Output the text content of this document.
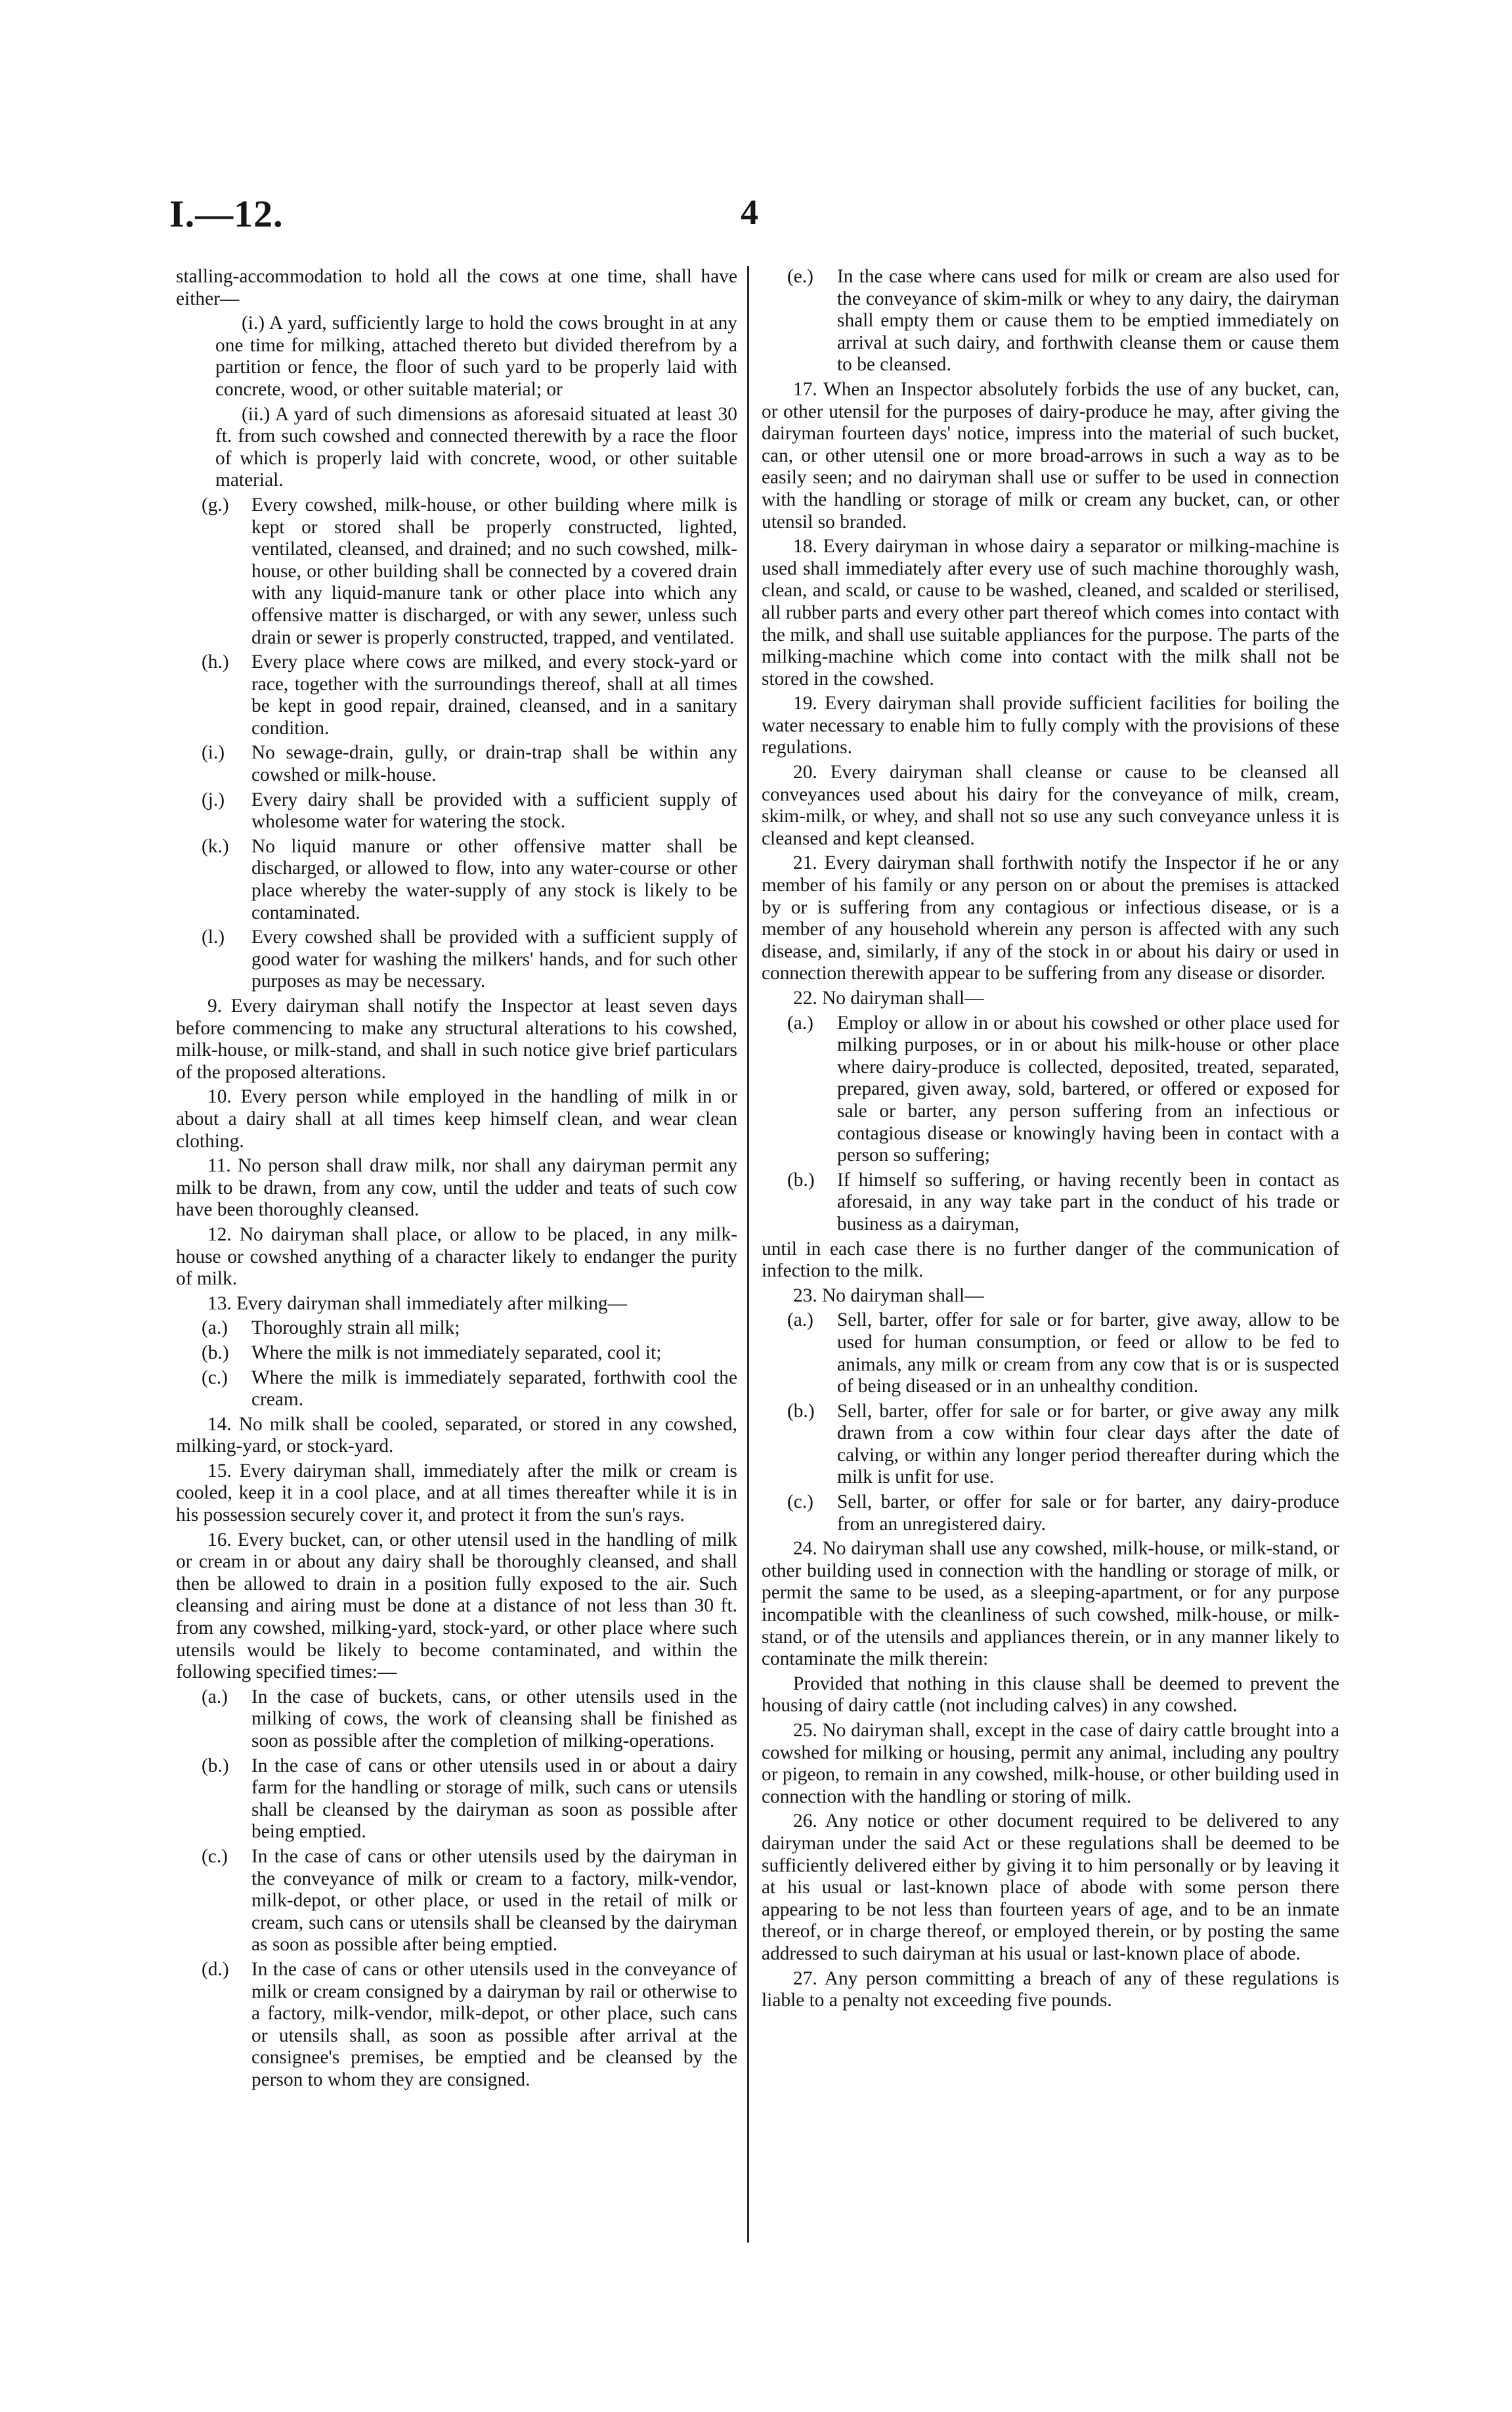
I.—12.	4
stalling-accommodation to hold all the cows at one time, shall have either—
(i.) A yard, sufficiently large to hold the cows brought in at any one time for milking, attached thereto but divided therefrom by a partition or fence, the floor of such yard to be properly laid with concrete, wood, or other suitable material; or
(ii.) A yard of such dimensions as aforesaid situated at least 30 ft. from such cowshed and connected therewith by a race the floor of which is properly laid with concrete, wood, or other suitable material.
(g.) Every cowshed, milk-house, or other building where milk is kept or stored shall be properly constructed, lighted, ventilated, cleansed, and drained; and no such cowshed, milk-house, or other building shall be connected by a covered drain with any liquid-manure tank or other place into which any offensive matter is discharged, or with any sewer, unless such drain or sewer is properly constructed, trapped, and ventilated.
(h.) Every place where cows are milked, and every stock-yard or race, together with the surroundings thereof, shall at all times be kept in good repair, drained, cleansed, and in a sanitary condition.
(i.) No sewage-drain, gully, or drain-trap shall be within any cowshed or milk-house.
(j.) Every dairy shall be provided with a sufficient supply of wholesome water for watering the stock.
(k.) No liquid manure or other offensive matter shall be discharged, or allowed to flow, into any water-course or other place whereby the water-supply of any stock is likely to be contaminated.
(l.) Every cowshed shall be provided with a sufficient supply of good water for washing the milkers' hands, and for such other purposes as may be necessary.
9. Every dairyman shall notify the Inspector at least seven days before commencing to make any structural alterations to his cowshed, milk-house, or milk-stand, and shall in such notice give brief particulars of the proposed alterations.
10. Every person while employed in the handling of milk in or about a dairy shall at all times keep himself clean, and wear clean clothing.
11. No person shall draw milk, nor shall any dairyman permit any milk to be drawn, from any cow, until the udder and teats of such cow have been thoroughly cleansed.
12. No dairyman shall place, or allow to be placed, in any milk-house or cowshed anything of a character likely to endanger the purity of milk.
13. Every dairyman shall immediately after milking—
(a.) Thoroughly strain all milk;
(b.) Where the milk is not immediately separated, cool it;
(c.) Where the milk is immediately separated, forthwith cool the cream.
14. No milk shall be cooled, separated, or stored in any cowshed, milking-yard, or stock-yard.
15. Every dairyman shall, immediately after the milk or cream is cooled, keep it in a cool place, and at all times thereafter while it is in his possession securely cover it, and protect it from the sun's rays.
16. Every bucket, can, or other utensil used in the handling of milk or cream in or about any dairy shall be thoroughly cleansed, and shall then be allowed to drain in a position fully exposed to the air. Such cleansing and airing must be done at a distance of not less than 30 ft. from any cowshed, milking-yard, stock-yard, or other place where such utensils would be likely to become contaminated, and within the following specified times:—
(a.) In the case of buckets, cans, or other utensils used in the milking of cows, the work of cleansing shall be finished as soon as possible after the completion of milking-operations.
(b.) In the case of cans or other utensils used in or about a dairy farm for the handling or storage of milk, such cans or utensils shall be cleansed by the dairyman as soon as possible after being emptied.
(c.) In the case of cans or other utensils used by the dairyman in the conveyance of milk or cream to a factory, milk-vendor, milk-depot, or other place, or used in the retail of milk or cream, such cans or utensils shall be cleansed by the dairyman as soon as possible after being emptied.
(d.) In the case of cans or other utensils used in the conveyance of milk or cream consigned by a dairyman by rail or otherwise to a factory, milk-vendor, milk-depot, or other place, such cans or utensils shall, as soon as possible after arrival at the consignee's premises, be emptied and be cleansed by the person to whom they are consigned.
(e.) In the case where cans used for milk or cream are also used for the conveyance of skim-milk or whey to any dairy, the dairyman shall empty them or cause them to be emptied immediately on arrival at such dairy, and forthwith cleanse them or cause them to be cleansed.
17. When an Inspector absolutely forbids the use of any bucket, can, or other utensil for the purposes of dairy-produce he may, after giving the dairyman fourteen days' notice, impress into the material of such bucket, can, or other utensil one or more broad-arrows in such a way as to be easily seen; and no dairyman shall use or suffer to be used in connection with the handling or storage of milk or cream any bucket, can, or other utensil so branded.
18. Every dairyman in whose dairy a separator or milking-machine is used shall immediately after every use of such machine thoroughly wash, clean, and scald, or cause to be washed, cleaned, and scalded or sterilised, all rubber parts and every other part thereof which comes into contact with the milk, and shall use suitable appliances for the purpose. The parts of the milking-machine which come into contact with the milk shall not be stored in the cowshed.
19. Every dairyman shall provide sufficient facilities for boiling the water necessary to enable him to fully comply with the provisions of these regulations.
20. Every dairyman shall cleanse or cause to be cleansed all conveyances used about his dairy for the conveyance of milk, cream, skim-milk, or whey, and shall not so use any such conveyance unless it is cleansed and kept cleansed.
21. Every dairyman shall forthwith notify the Inspector if he or any member of his family or any person on or about the premises is attacked by or is suffering from any contagious or infectious disease, or is a member of any household wherein any person is affected with any such disease, and, similarly, if any of the stock in or about his dairy or used in connection therewith appear to be suffering from any disease or disorder.
22. No dairyman shall—
(a.) Employ or allow in or about his cowshed or other place used for milking purposes, or in or about his milk-house or other place where dairy-produce is collected, deposited, treated, separated, prepared, given away, sold, bartered, or offered or exposed for sale or barter, any person suffering from an infectious or contagious disease or knowingly having been in contact with a person so suffering;
(b.) If himself so suffering, or having recently been in contact as aforesaid, in any way take part in the conduct of his trade or business as a dairyman,
until in each case there is no further danger of the communication of infection to the milk.
23. No dairyman shall—
(a.) Sell, barter, offer for sale or for barter, give away, allow to be used for human consumption, or feed or allow to be fed to animals, any milk or cream from any cow that is or is suspected of being diseased or in an unhealthy condition.
(b.) Sell, barter, offer for sale or for barter, or give away any milk drawn from a cow within four clear days after the date of calving, or within any longer period thereafter during which the milk is unfit for use.
(c.) Sell, barter, or offer for sale or for barter, any dairy-produce from an unregistered dairy.
24. No dairyman shall use any cowshed, milk-house, or milk-stand, or other building used in connection with the handling or storage of milk, or permit the same to be used, as a sleeping-apartment, or for any purpose incompatible with the cleanliness of such cowshed, milk-house, or milk-stand, or of the utensils and appliances therein, or in any manner likely to contaminate the milk therein:
Provided that nothing in this clause shall be deemed to prevent the housing of dairy cattle (not including calves) in any cowshed.
25. No dairyman shall, except in the case of dairy cattle brought into a cowshed for milking or housing, permit any animal, including any poultry or pigeon, to remain in any cowshed, milk-house, or other building used in connection with the handling or storing of milk.
26. Any notice or other document required to be delivered to any dairyman under the said Act or these regulations shall be deemed to be sufficiently delivered either by giving it to him personally or by leaving it at his usual or last-known place of abode with some person there appearing to be not less than fourteen years of age, and to be an inmate thereof, or in charge thereof, or employed therein, or by posting the same addressed to such dairyman at his usual or last-known place of abode.
27. Any person committing a breach of any of these regulations is liable to a penalty not exceeding five pounds.
